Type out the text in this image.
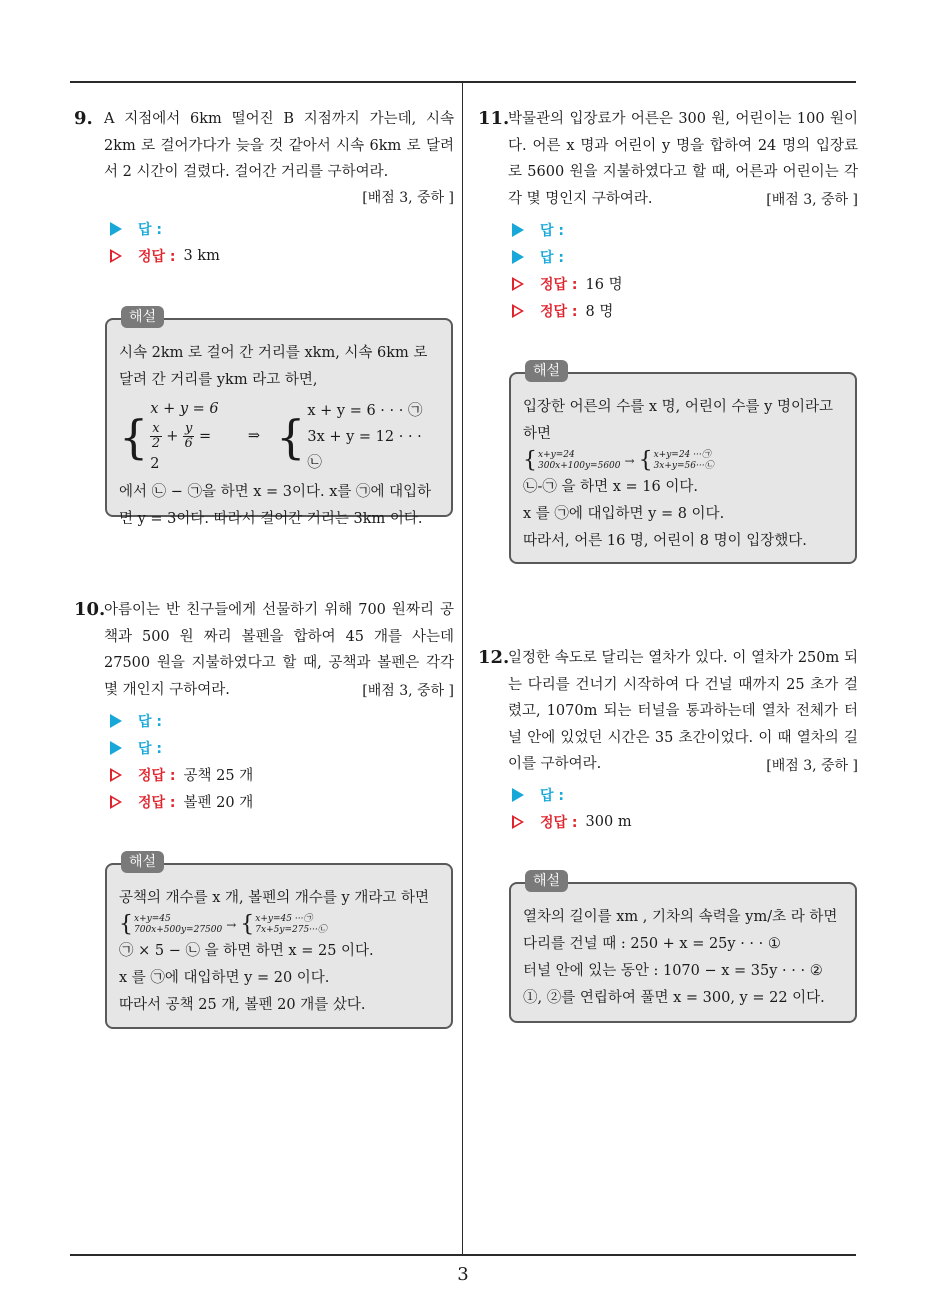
9. A 지점에서 6km 떨어진 B 지점까지 가는데, 시속 2km 로 걸어가다가 늦을 것 같아서 시속 6km 로 달려서 2 시간이 걸렸다. 걸어간 거리를 구하여라.
[배점 3, 중하 ]
답 :
정답 : 3 km
해설
시속 2km 로 걸어 간 거리를 xkm, 시속 6km 로
달려 간 거리를 ykm 라고 하면,
{
x + y = 6
$\frac{x}{2} + \frac{y}{6} = 2$
⇒ { x + y = 6 · · · ㉠
3x + y = 12 · · · ㉡
에서 ㉡ − ㉠을 하면 x = 3이다. x를 ㉠에 대입하
면 y = 3이다. 따라서 걸어간 거리는 3km 이다.
10.
아름이는 반 친구들에게 선물하기 위해 700 원짜리 공책과 500 원 짜리 볼펜을 합하여 45 개를 사는데 27500 원을 지불하였다고 할 때, 공책과 볼펜은 각각 몇 개인지 구하여라.	[배점 3, 중하 ]
답 :
답 :
정답 : 공책 25 개
정답 : 볼펜 20 개
해설
공책의 개수를 x 개, 볼펜의 개수를 y 개라고 하면
{ x+y=45
700x+500y=27500 → { x+y=45 ···㉠
7x+5y=275···㉡
㉠ × 5 − ㉡ 을 하면 하면 x = 25 이다.
x 를 ㉠에 대입하면 y = 20 이다.
따라서 공책 25 개, 볼펜 20 개를 샀다.
11.
박물관의 입장료가 어른은 300 원, 어린이는 100 원이다. 어른 x 명과 어린이 y 명을 합하여 24 명의 입장료로 5600 원을 지불하였다고 할 때, 어른과 어린이는 각각 몇 명인지 구하여라.	[배점 3, 중하 ]
답 :
답 :
정답 : 16 명
정답 : 8 명
해설
입장한 어른의 수를 x 명, 어린이 수를 y 명이라고
하면
{ x+y=24
300x+100y=5600 → { x+y=24 ···㉠
3x+y=56···㉡
㉡-㉠ 을 하면 x = 16 이다.
x 를 ㉠에 대입하면 y = 8 이다.
따라서, 어른 16 명, 어린이 8 명이 입장했다.
12.
일정한 속도로 달리는 열차가 있다. 이 열차가 250m 되는 다리를 건너기 시작하여 다 건널 때까지 25 초가 걸렸고, 1070m 되는 터널을 통과하는데 열차 전체가 터널 안에 있었던 시간은 35 초간이었다. 이 때 열차의 길이를 구하여라.	[배점 3, 중하 ]
답 :
정답 : 300 m
해설
열차의 길이를 xm , 기차의 속력을 ym/초 라 하면
다리를 건널 때 : 250 + x = 25y · · · ①
터널 안에 있는 동안 : 1070 − x = 35y · · · ②
①, ②를 연립하여 풀면 x = 300, y = 22 이다.
3
